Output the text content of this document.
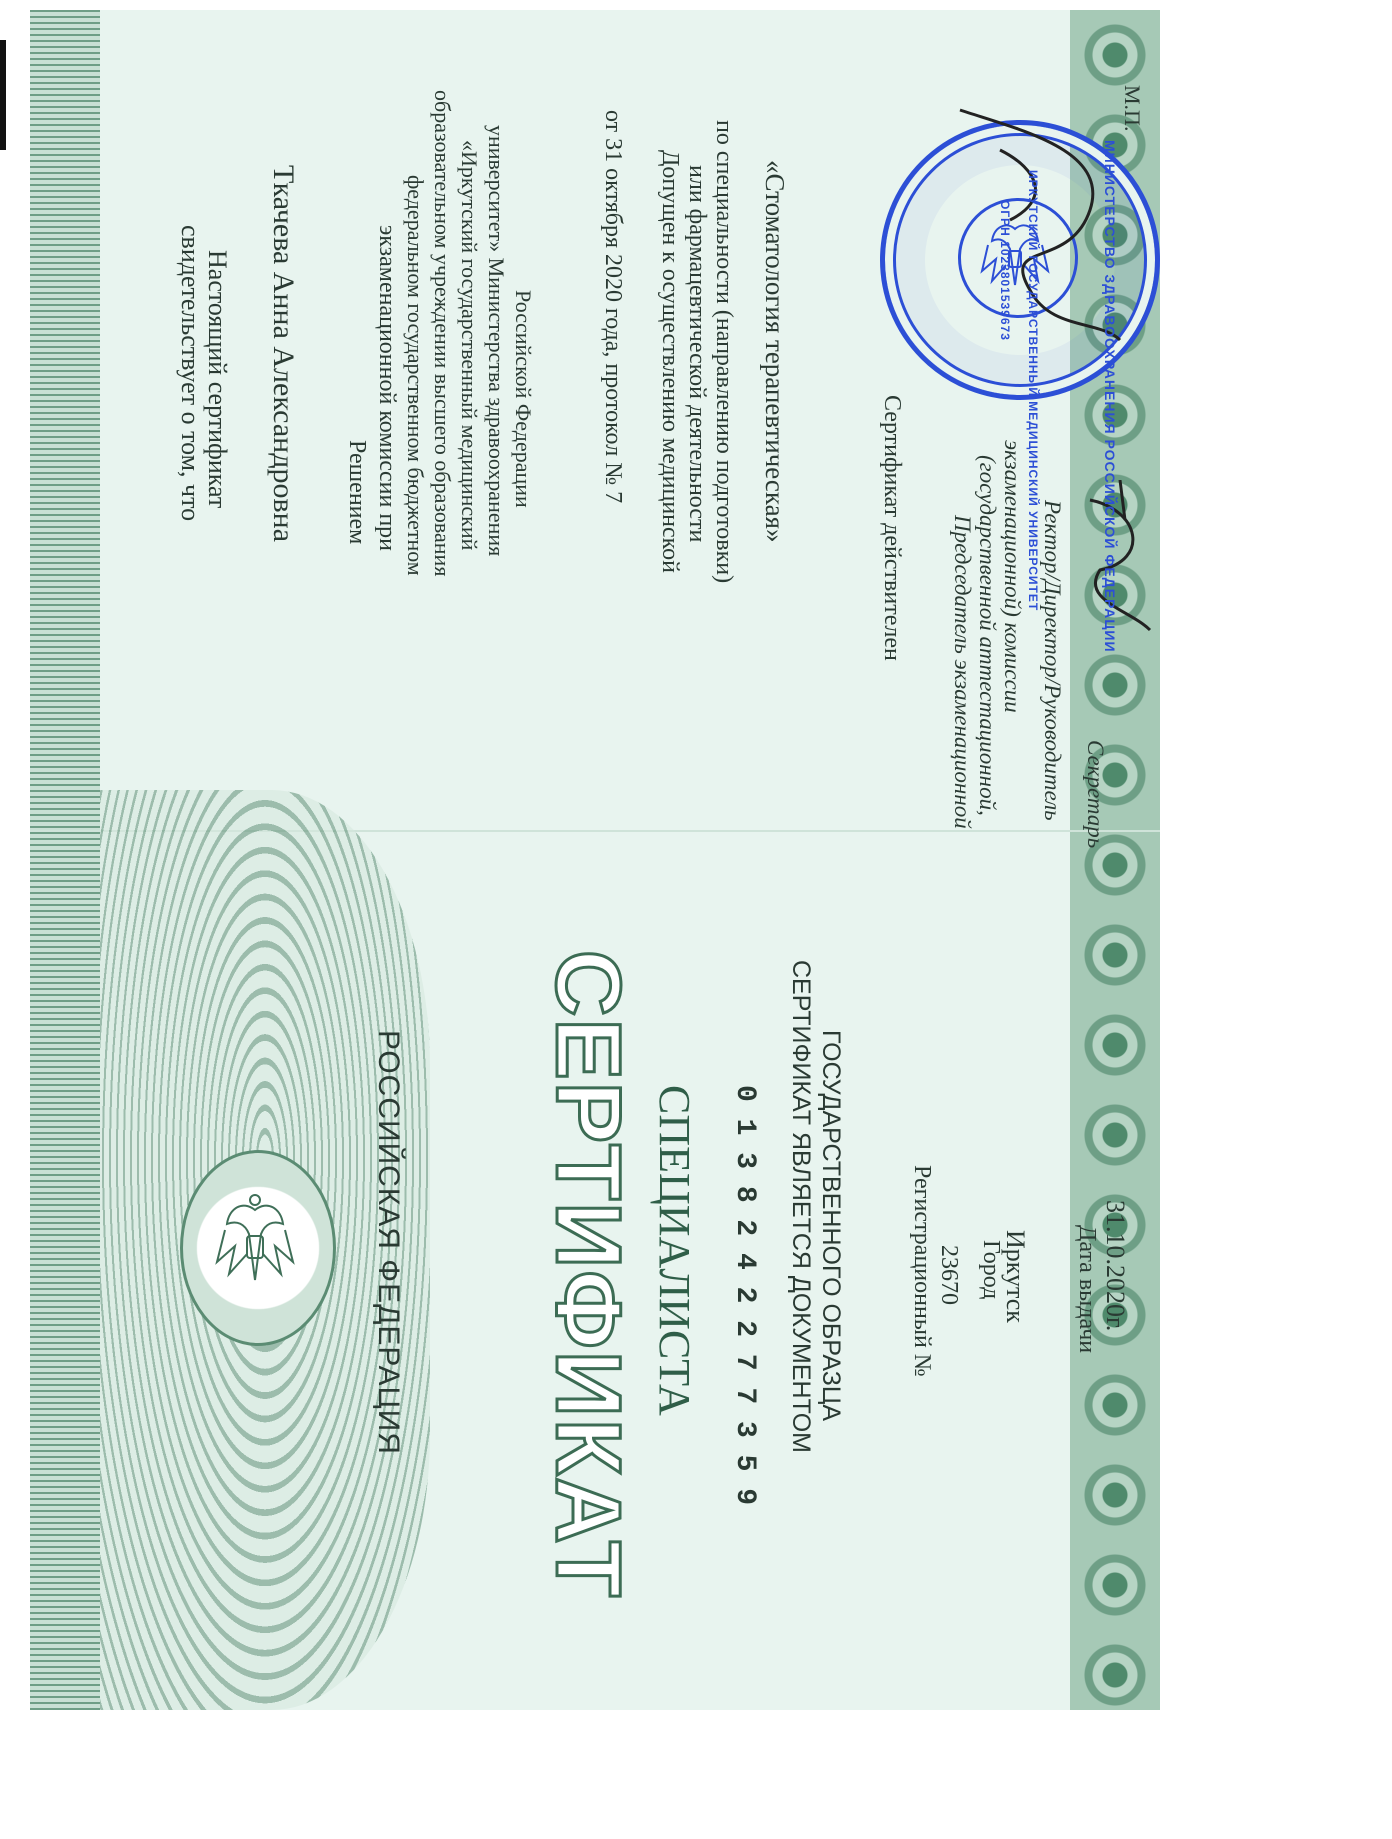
Настоящий сертификат
свидетельствует о том, что Ткачева Анна Александровна Решением экзаменационной комиссии при федеральном государственном бюджетном образовательном учреждении высшего образования «Иркутский государственный медицинский университет» Министерства здравоохранения Российской Федерации	от 31 октября 2020 года, протокол № 7 Допущен к осуществлению медицинской или фармацевтической деятельности по специальности (направлению подготовки) «Стоматология терапевтическая»	Сертификат действителен Председатель экзаменационной (государственной аттестационной, экзаменационной) комиссии Ректор/Директор/Руководитель Секретарь
М.П.
МИНИСТЕРСТВО ЗДРАВООХРАНЕНИЯ РОССИЙСКОЙ ФЕДЕРАЦИИ
ИРКУТСКИЙ ГОСУДАРСТВЕННЫЙ МЕДИЦИНСКИЙ УНИВЕРСИТЕТ
ОГРН 1023801539673
РОССИЙСКАЯ ФЕДЕРАЦИЯ СЕРТИФИКАТ СПЕЦИАЛИСТА 0 1 3 8 2 4 2 2 7 7 3 5 9 СЕРТИФИКАТ ЯВЛЯЕТСЯ ДОКУМЕНТОМ ГОСУДАРСТВЕННОГО ОБРАЗЦА	Регистрационный № 23670 Город
Иркутск Дата выдачи 31.10.2020г.
